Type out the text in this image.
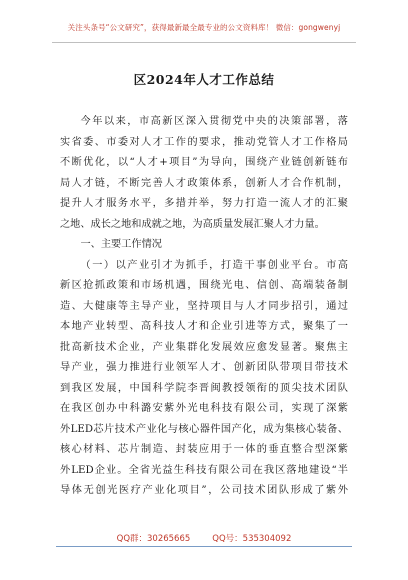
关注头条号“公文研究”，获得最新最全最专业的公文资料库！ 微信：gongwenyj
区2024年人才工作总结
今年以来，市高新区深入贯彻党中央的决策部署，落
实省委、市委对人才工作的要求，推动党管人才工作格局
不断优化，以“人才+项目”为导向，围绕产业链创新链布
局人才链，不断完善人才政策体系，创新人才合作机制，
提升人才服务水平，多措并举，努力打造一流人才的汇聚
之地、成长之地和成就之地，为高质量发展汇聚人才力量。
一、主要工作情况
（一）以产业引才为抓手，打造干事创业平台。市高
新区抢抓政策和市场机遇，围绕光电、信创、高端装备制
造、大健康等主导产业，坚持项目与人才同步招引，通过
本地产业转型、高科技人才和企业引进等方式，聚集了一
批高新技术企业，产业集群化发展效应愈发显著。聚焦主
导产业，强力推进行业领军人才、创新团队带项目带技术
到我区发展，中国科学院李晋闽教授领衔的顶尖技术团队
在我区创办中科潞安紫外光电科技有限公司，实现了深紫
外LED芯片技术产业化与核心器件国产化，成为集核心装备、
核心材料、芯片制造、封装应用于一体的垂直整合型深紫
外LED企业。全省光益生科技有限公司在我区落地建设“半
导体无创光医疗产业化项目”，公司技术团队形成了紫外
QQ群：30265665	QQ号：535304092
